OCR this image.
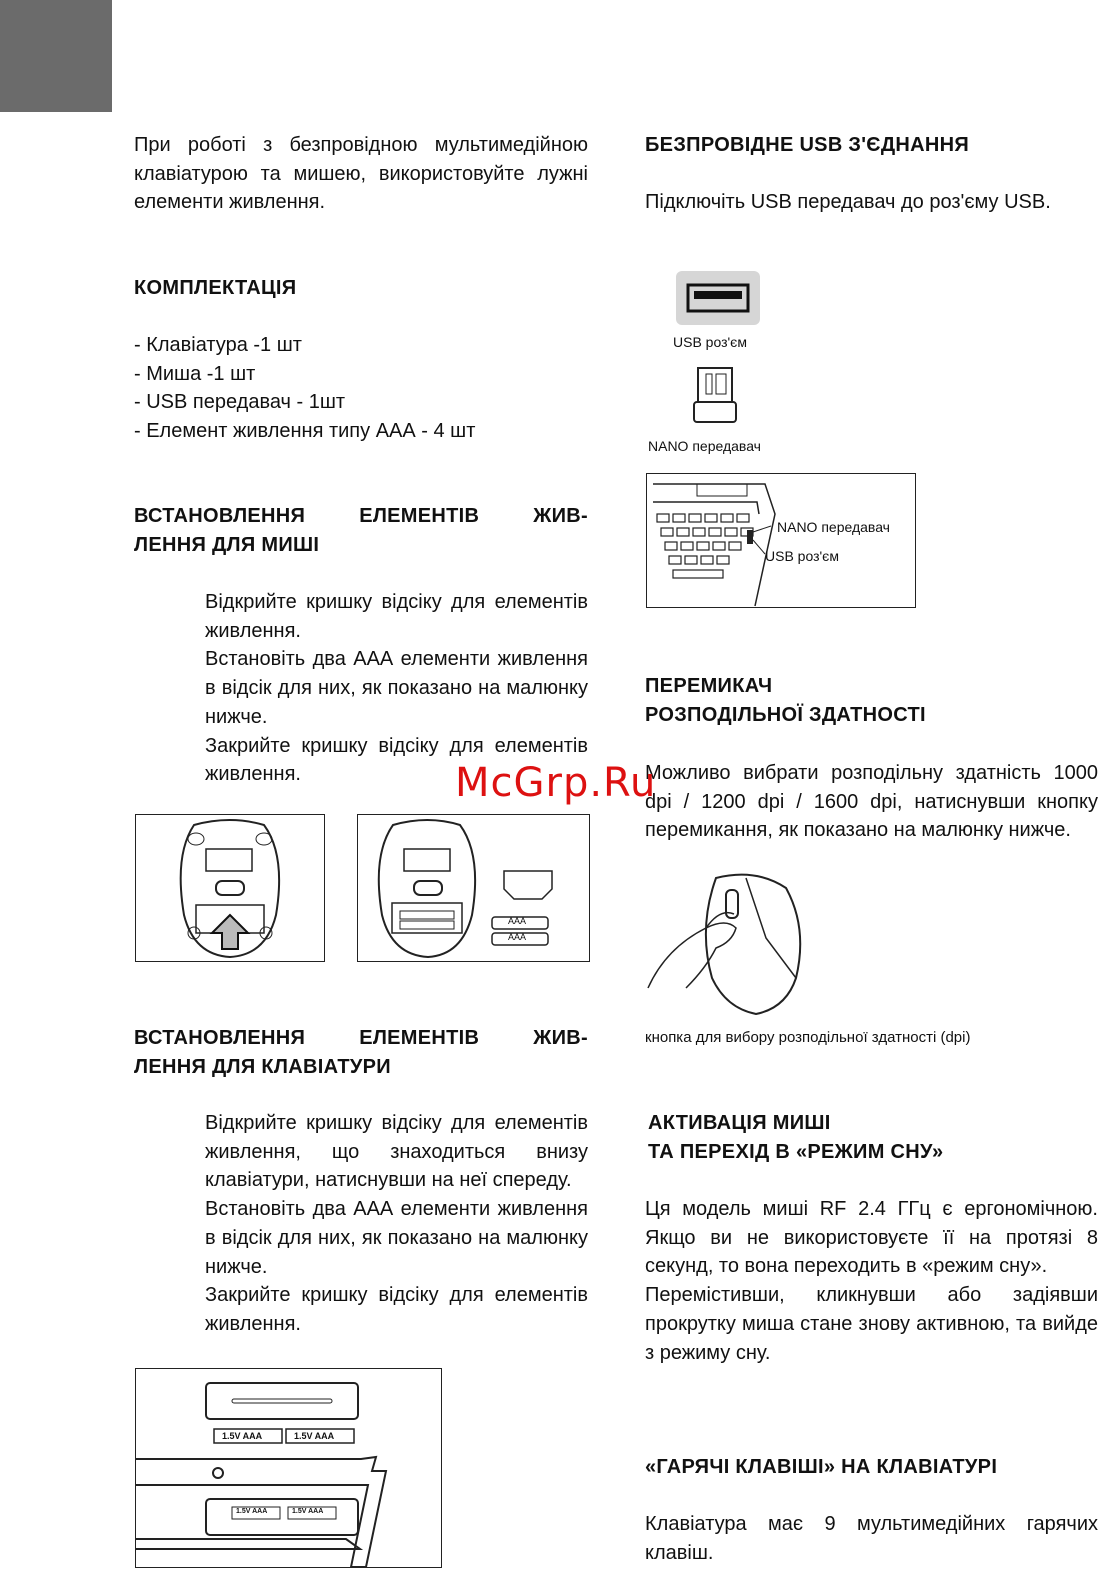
При роботі з безпровідною мультимедійною клавіатурою та мишею, використовуйте лужні елементи живлення.

КОМПЛЕКТАЦІЯ

- Клавіатура -1 шт

- Миша -1 шт

- USB передавач - 1шт

- Елемент живлення типу ААА - 4 шт

ВСТАНОВЛЕННЯ ЕЛЕМЕНТІВ ЖИВ-

ЛЕННЯ ДЛЯ МИШІ

Відкрийте кришку відсіку для елементів живлення.

Встановіть два ААА елементи живлення в відсік для них, як показано на малюнку нижче.

Закрийте кришку відсіку для елементів живлення.

AAA
AAA

ВСТАНОВЛЕННЯ ЕЛЕМЕНТІВ ЖИВ-

ЛЕННЯ ДЛЯ КЛАВІАТУРИ

Відкрийте кришку відсіку для елементів живлення, що знаходиться внизу клавіатури, натиснувши на неї спереду.

Встановіть два ААА елементи живлення в відсік для них, як показано на малюнку нижче.

Закрийте кришку відсіку для елементів живлення.

1.5V AAA	1.5V AAA
1.5V AAA	1.5V AAA

БЕЗПРОВІДНЕ USB З'ЄДНАННЯ

Підключіть USB передавач до роз'єму USB.

USB роз'єм
NANO передавач
NANO передавач
USB роз'єм

ПЕРЕМИКАЧ

РОЗПОДІЛЬНОЇ ЗДАТНОСТІ

Можливо вибрати розподільну здатність 1000 dpi / 1200 dpi / 1600 dpi, натиснувши кнопку перемикання, як показано на малюнку нижче.

кнопка для вибору розподільної здатності (dpi)

АКТИВАЦІЯ МИШІ

ТА ПЕРЕХІД В «РЕЖИМ СНУ»

Ця модель миші RF 2.4 ГГц є ергономічною. Якщо ви не використовуєте її на протязі 8 секунд, то вона переходить в «режим сну».

Перемістивши, кликнувши або задіявши прокрутку миша стане знову активною, та вийде з режиму сну.

«ГАРЯЧІ КЛАВІШІ» НА КЛАВІАТУРІ

Клавіатура має 9 мультимедійних гарячих клавіш.

McGrp.Ru
